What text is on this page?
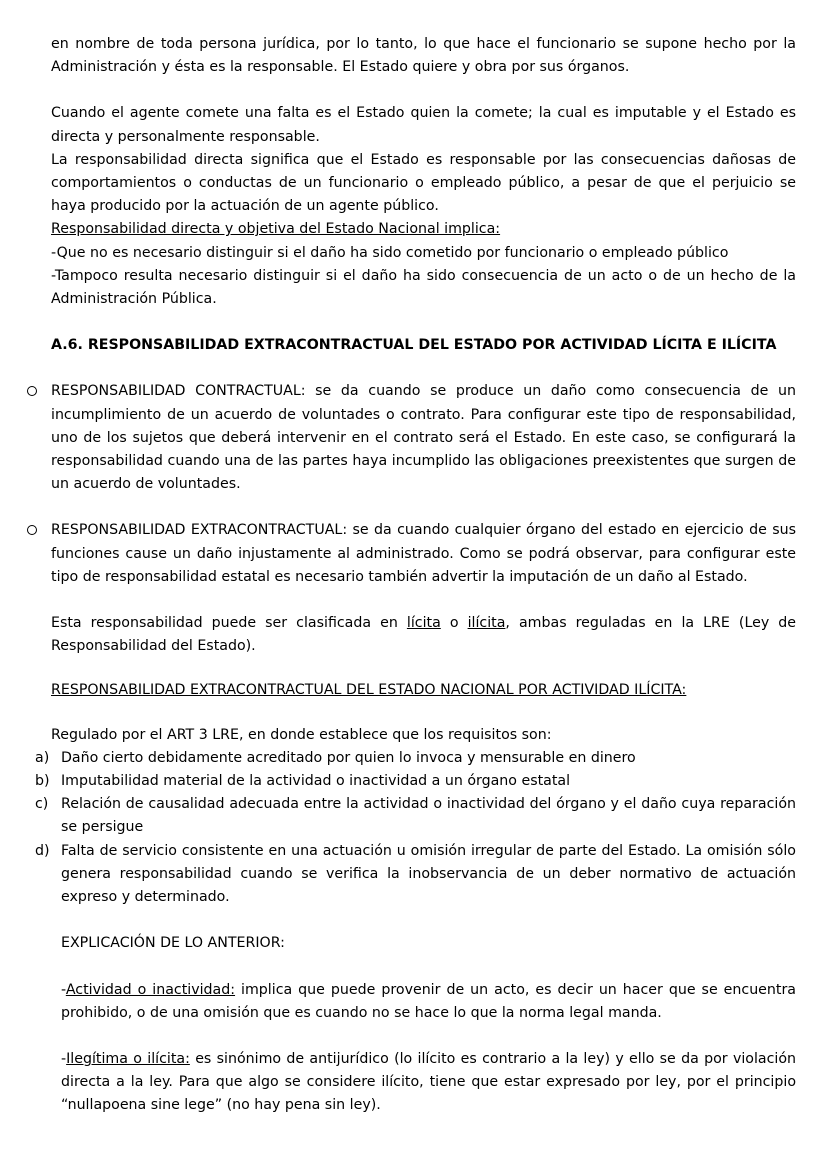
en nombre de toda persona jurídica, por lo tanto, lo que hace el funcionario se supone hecho por la Administración y ésta es la responsable. El Estado quiere y obra por sus órganos.

Cuando el agente comete una falta es el Estado quien la comete; la cual es imputable y el Estado es directa y personalmente responsable.

La responsabilidad directa significa que el Estado es responsable por las consecuencias dañosas de comportamientos o conductas de un funcionario o empleado público, a pesar de que el perjuicio se haya producido por la actuación de un agente público.

Responsabilidad directa y objetiva del Estado Nacional implica:

-Que no es necesario distinguir si el daño ha sido cometido por funcionario o empleado público

-Tampoco resulta necesario distinguir si el daño ha sido consecuencia de un acto o de un hecho de la Administración Pública.

A.6. RESPONSABILIDAD EXTRACONTRACTUAL DEL ESTADO POR ACTIVIDAD LÍCITA E ILÍCITA

RESPONSABILIDAD CONTRACTUAL: se da cuando se produce un daño como consecuencia de un incumplimiento de un acuerdo de voluntades o contrato. Para configurar este tipo de responsabilidad, uno de los sujetos que deberá intervenir en el contrato será el Estado. En este caso, se configurará la responsabilidad cuando una de las partes haya incumplido las obligaciones preexistentes que surgen de un acuerdo de voluntades.

RESPONSABILIDAD EXTRACONTRACTUAL: se da cuando cualquier órgano del estado en ejercicio de sus funciones cause un daño injustamente al administrado. Como se podrá observar, para configurar este tipo de responsabilidad estatal es necesario también advertir la imputación de un daño al Estado.

Esta responsabilidad puede ser clasificada en lícita o ilícita, ambas reguladas en la LRE (Ley de Responsabilidad del Estado).

RESPONSABILIDAD EXTRACONTRACTUAL DEL ESTADO NACIONAL POR ACTIVIDAD ILÍCITA:

Regulado por el ART 3 LRE, en donde establece que los requisitos son:

a) Daño cierto debidamente acreditado por quien lo invoca y mensurable en dinero
b) Imputabilidad material de la actividad o inactividad a un órgano estatal
c) Relación de causalidad adecuada entre la actividad o inactividad del órgano y el daño cuya reparación se persigue
d) Falta de servicio consistente en una actuación u omisión irregular de parte del Estado. La omisión sólo genera responsabilidad cuando se verifica la inobservancia de un deber normativo de actuación expreso y determinado.

EXPLICACIÓN DE LO ANTERIOR:

-Actividad o inactividad: implica que puede provenir de un acto, es decir un hacer que se encuentra prohibido, o de una omisión que es cuando no se hace lo que la norma legal manda.

-Ilegítima o ilícita: es sinónimo de antijurídico (lo ilícito es contrario a la ley) y ello se da por violación directa a la ley. Para que algo se considere ilícito, tiene que estar expresado por ley, por el principio “nullapoena sine lege” (no hay pena sin ley).
